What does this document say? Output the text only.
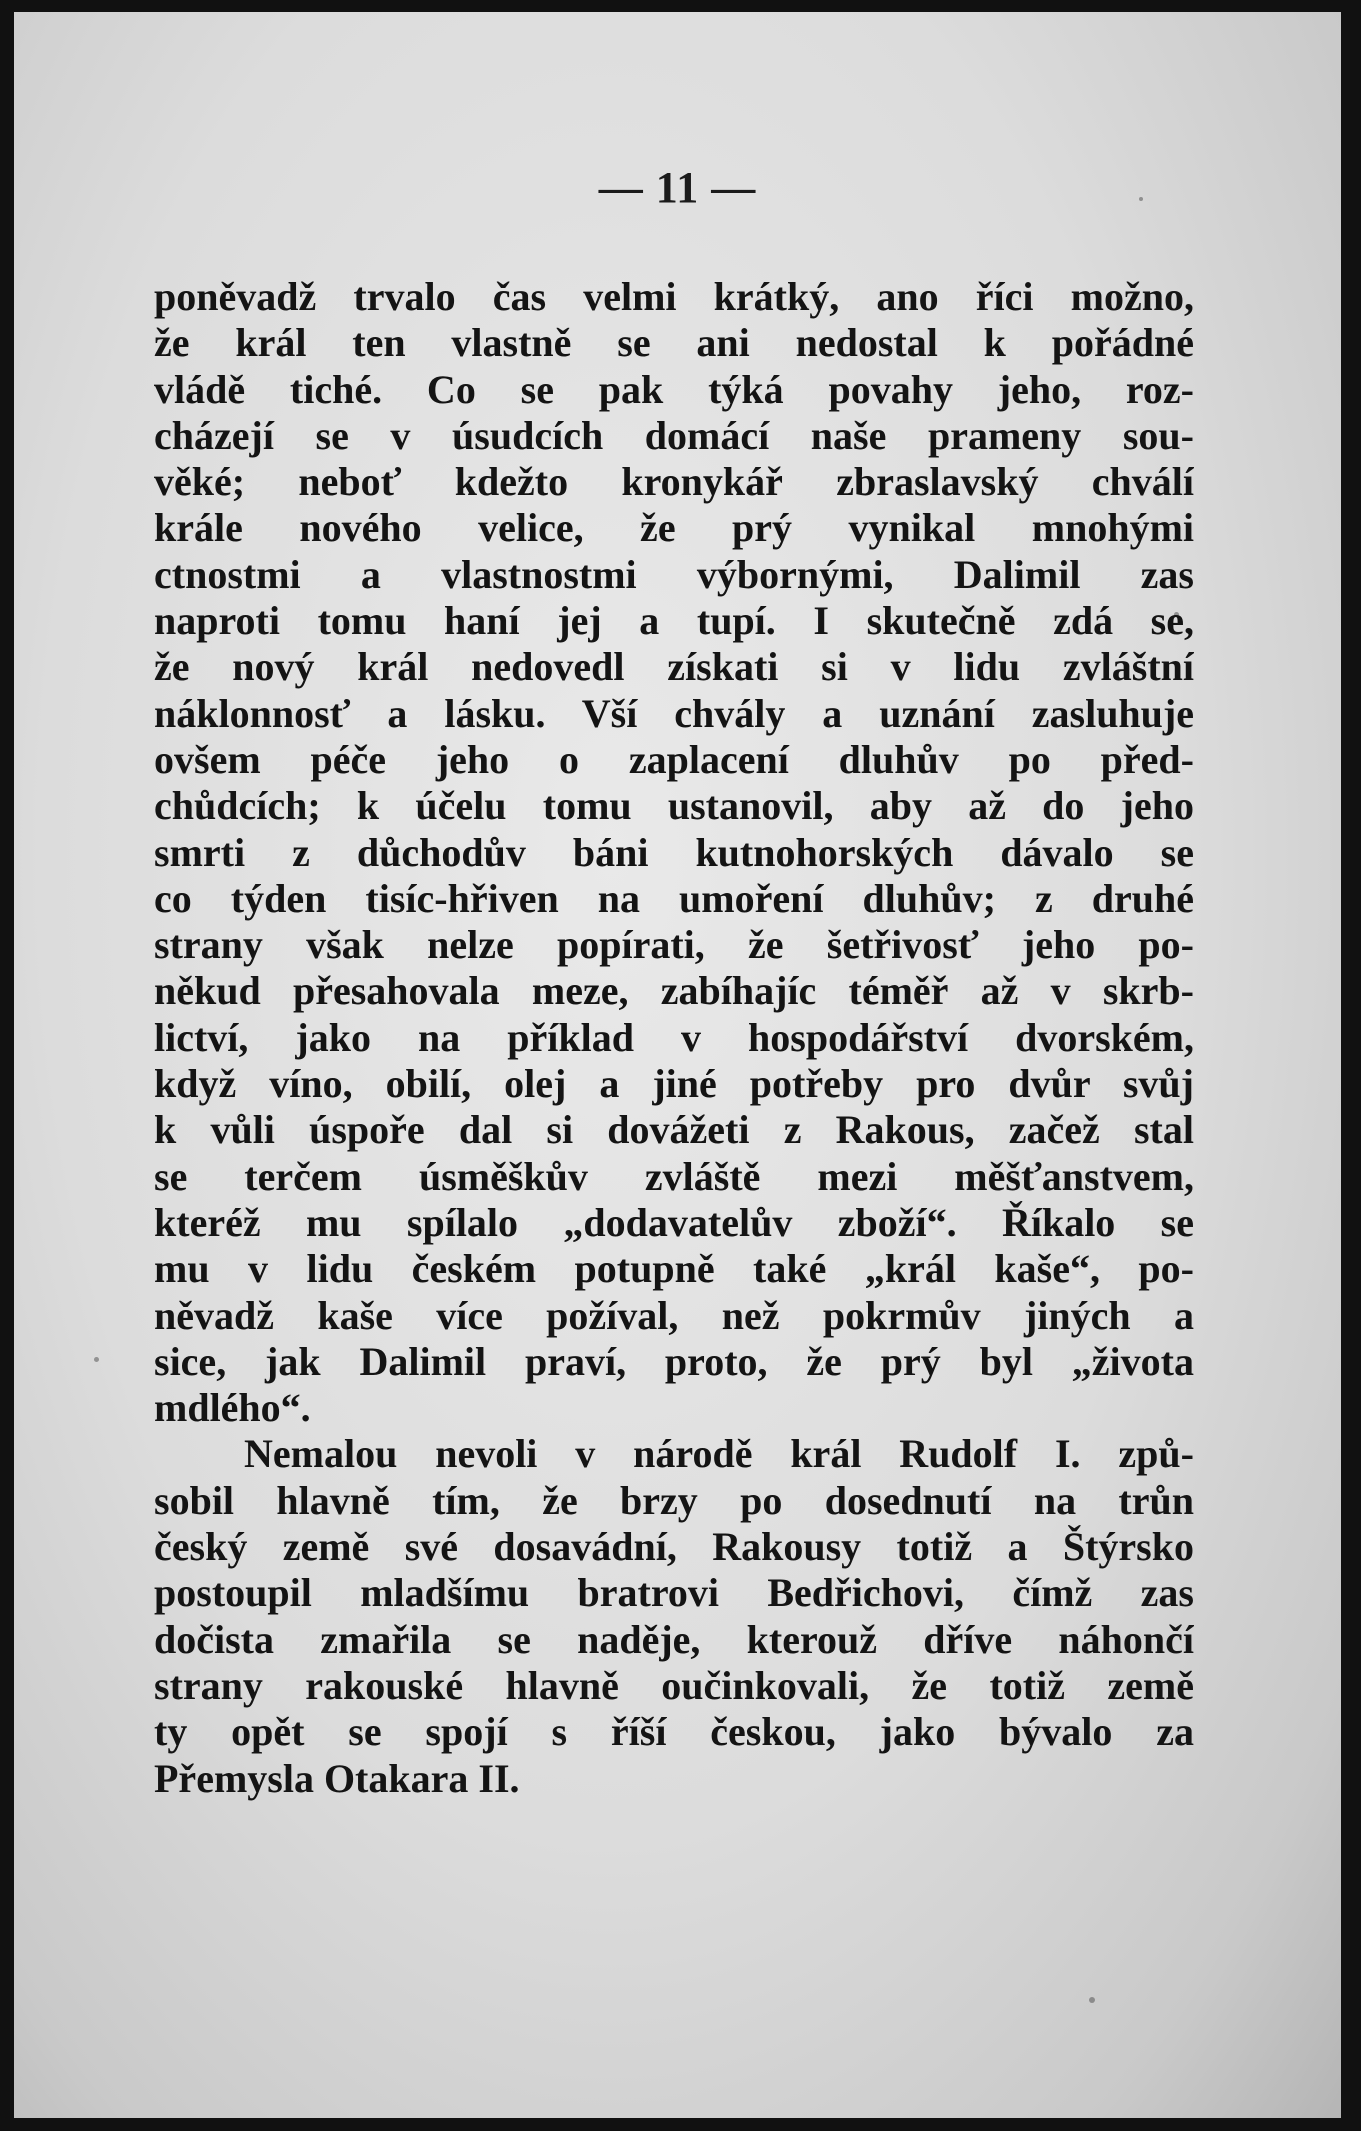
— 11 —
poněvadž trvalo čas velmi krátký, ano říci možno,
že král ten vlastně se ani nedostal k pořádné
vládě tiché. Co se pak týká povahy jeho, roz-
cházejí se v úsudcích domácí naše prameny sou-
věké; neboť kdežto kronykář zbraslavský chválí
krále nového velice, že prý vynikal mnohými
ctnostmi a vlastnostmi výbornými, Dalimil zas
naproti tomu haní jej a tupí. I skutečně zdá se,
že nový král nedovedl získati si v lidu zvláštní
náklonnosť a lásku. Vší chvály a uznání zasluhuje
ovšem péče jeho o zaplacení dluhův po před-
chůdcích; k účelu tomu ustanovil, aby až do jeho
smrti z důchodův báni kutnohorských dávalo se
co týden tisíc-hřiven na umoření dluhův; z druhé
strany však nelze popírati, že šetřivosť jeho po-
někud přesahovala meze, zabíhajíc téměř až v skrb-
lictví, jako na příklad v hospodářství dvorském,
když víno, obilí, olej a jiné potřeby pro dvůr svůj
k vůli úspoře dal si dovážeti z Rakous, začež stal
se terčem úsměškův zvláště mezi měšťanstvem,
kteréž mu spílalo „dodavatelův zboží“. Říkalo se
mu v lidu českém potupně také „král kaše“, po-
něvadž kaše více požíval, než pokrmův jiných a
sice, jak Dalimil praví, proto, že prý byl „života
mdlého“.
Nemalou nevoli v národě král Rudolf I. způ-
sobil hlavně tím, že brzy po dosednutí na trůn
český země své dosavádní, Rakousy totiž a Štýrsko
postoupil mladšímu bratrovi Bedřichovi, čímž zas
dočista zmařila se naděje, kterouž dříve náhončí
strany rakouské hlavně oučinkovali, že totiž země
ty opět se spojí s říší českou, jako bývalo za
Přemysla Otakara II.
